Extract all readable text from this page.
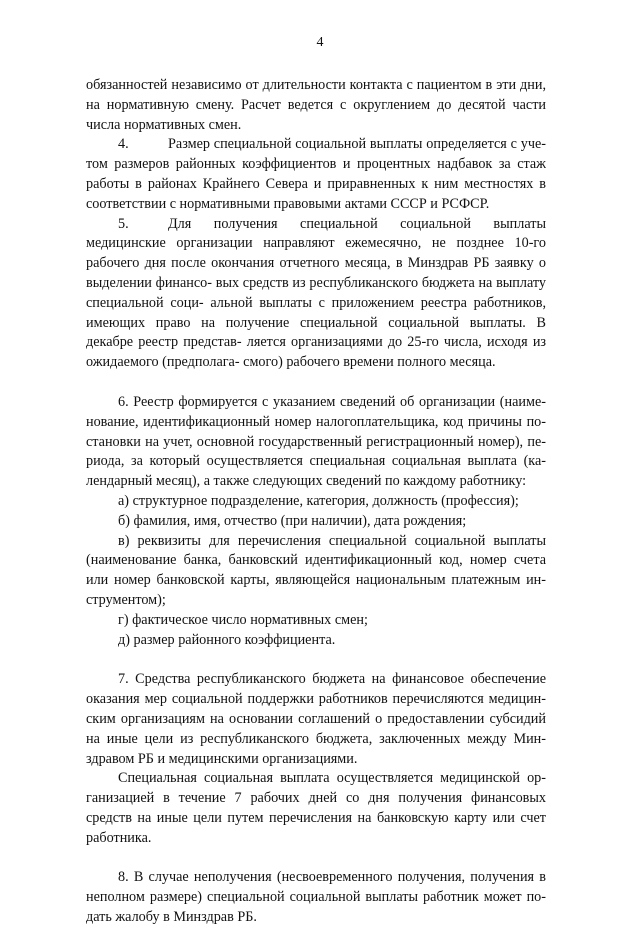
4

обязанностей независимо от длительности контакта с пациентом в эти дни, на нормативную смену. Расчет ведется с округлением до десятой части числа нормативных смен.

4.	Размер специальной социальной выплаты определяется с уче- том размеров районных коэффициентов и процентных надбавок за стаж работы в районах Крайнего Севера и приравненных к ним местностях в соответствии с нормативными правовыми актами СССР и РСФСР.

5.	Для получения специальной социальной выплаты медицинские организации направляют ежемесячно, не позднее 10-го рабочего дня после окончания отчетного месяца, в Минздрав РБ заявку о выделении финансо- вых средств из республиканского бюджета на выплату специальной соци- альной выплаты с приложением реестра работников, имеющих право на получение специальной социальной выплаты. В декабре реестр представ- ляется организациями до 25-го числа, исходя из ожидаемого (предполага- смого) рабочего времени полного месяца.

6. Реестр формируется с указанием сведений об организации (наиме- нование, идентификационный номер налогоплательщика, код причины по- становки на учет, основной государственный регистрационный номер), пе- риода, за который осуществляется специальная социальная выплата (ка- лендарный месяц), а также следующих сведений по каждому работнику:

а) структурное подразделение, категория, должность (профессия);

б) фамилия, имя, отчество (при наличии), дата рождения;

в) реквизиты для перечисления специальной социальной выплаты (наименование банка, банковский идентификационный код, номер счета или номер банковской карты, являющейся национальным платежным ин- струментом);

г) фактическое число нормативных смен;

д) размер районного коэффициента.

7. Средства республиканского бюджета на финансовое обеспечение оказания мер социальной поддержки работников перечисляются медицин- ским организациям на основании соглашений о предоставлении субсидий на иные цели из республиканского бюджета, заключенных между Мин- здравом РБ и медицинскими организациями.

Специальная социальная выплата осуществляется медицинской ор- ганизацией в течение 7 рабочих дней со дня получения финансовых средств на иные цели путем перечисления на банковскую карту или счет работника.

8. В случае неполучения (несвоевременного получения, получения в неполном размере) специальной социальной выплаты работник может по- дать жалобу в Минздрав РБ.
